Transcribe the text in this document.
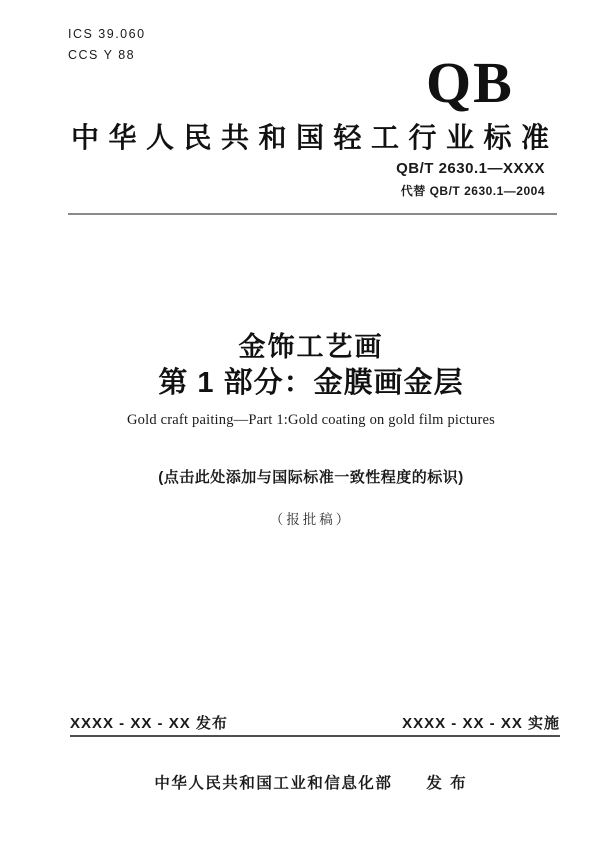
ICS 39.060
CCS Y 88	QB
中华人民共和国轻工行业标准
QB/T 2630.1—XXXX
代替 QB/T 2630.1—2004
金饰工艺画
第 1 部分：金膜画金层
Gold craft paiting—Part 1:Gold coating on gold film pictures
(点击此处添加与国际标准一致性程度的标识)
（报批稿）
XXXX - XX - XX 发布	XXXX - XX - XX 实施
中华人民共和国工业和信息化部 发 布
